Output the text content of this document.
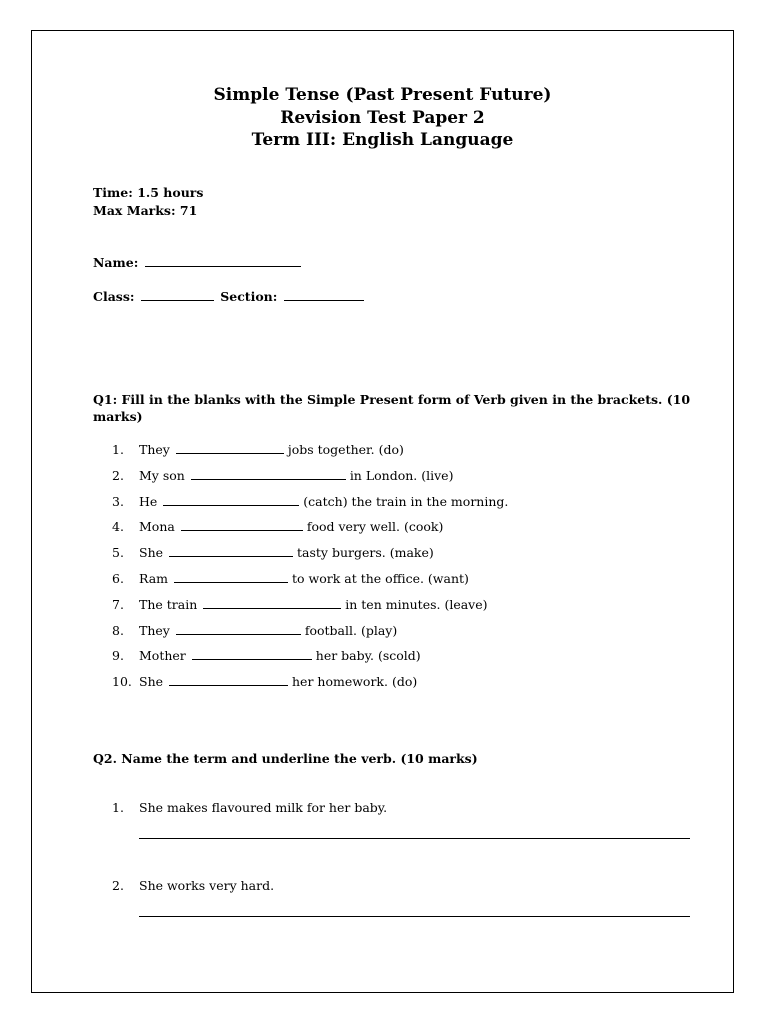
Simple Tense (Past Present Future)
Revision Test Paper 2
Term III: English Language
Time: 1.5 hours
Max Marks: 71
Name:
Class:	Section:
Q1: Fill in the blanks with the Simple Present form of Verb given in the brackets. (10 marks)
1. They	jobs together. (do)
2. My son	in London. (live)
3. He	(catch) the train in the morning.
4. Mona	food very well. (cook)
5. She	tasty burgers. (make)
6. Ram	to work at the office. (want)
7. The train	in ten minutes. (leave)
8. They	football. (play)
9. Mother	her baby. (scold)
10. She	her homework. (do)
Q2. Name the term and underline the verb. (10 marks)
1. She makes flavoured milk for her baby.
2. She works very hard.
